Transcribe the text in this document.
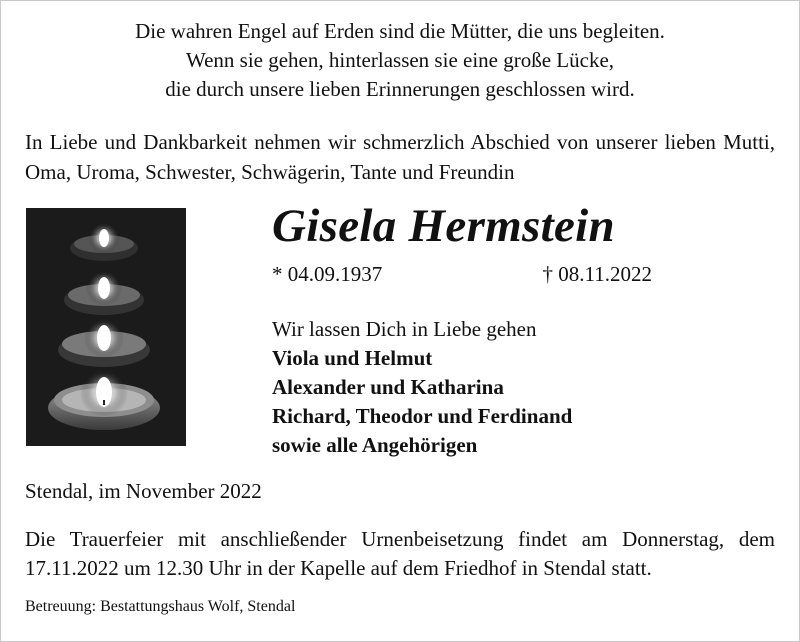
Die wahren Engel auf Erden sind die Mütter, die uns begleiten.
Wenn sie gehen, hinterlassen sie eine große Lücke,
die durch unsere lieben Erinnerungen geschlossen wird.
In Liebe und Dankbarkeit nehmen wir schmerzlich Abschied von unserer lieben Mutti, Oma, Uroma, Schwester, Schwägerin, Tante und Freundin
Gisela Hermstein
* 04.09.1937	† 08.11.2022
Wir lassen Dich in Liebe gehen
Viola und Helmut
Alexander und Katharina
Richard, Theodor und Ferdinand
sowie alle Angehörigen
Stendal, im November 2022
Die Trauerfeier mit anschließender Urnenbeisetzung findet am Donnerstag, dem 17.11.2022 um 12.30 Uhr in der Kapelle auf dem Friedhof in Stendal statt.
Betreuung: Bestattungshaus Wolf, Stendal
